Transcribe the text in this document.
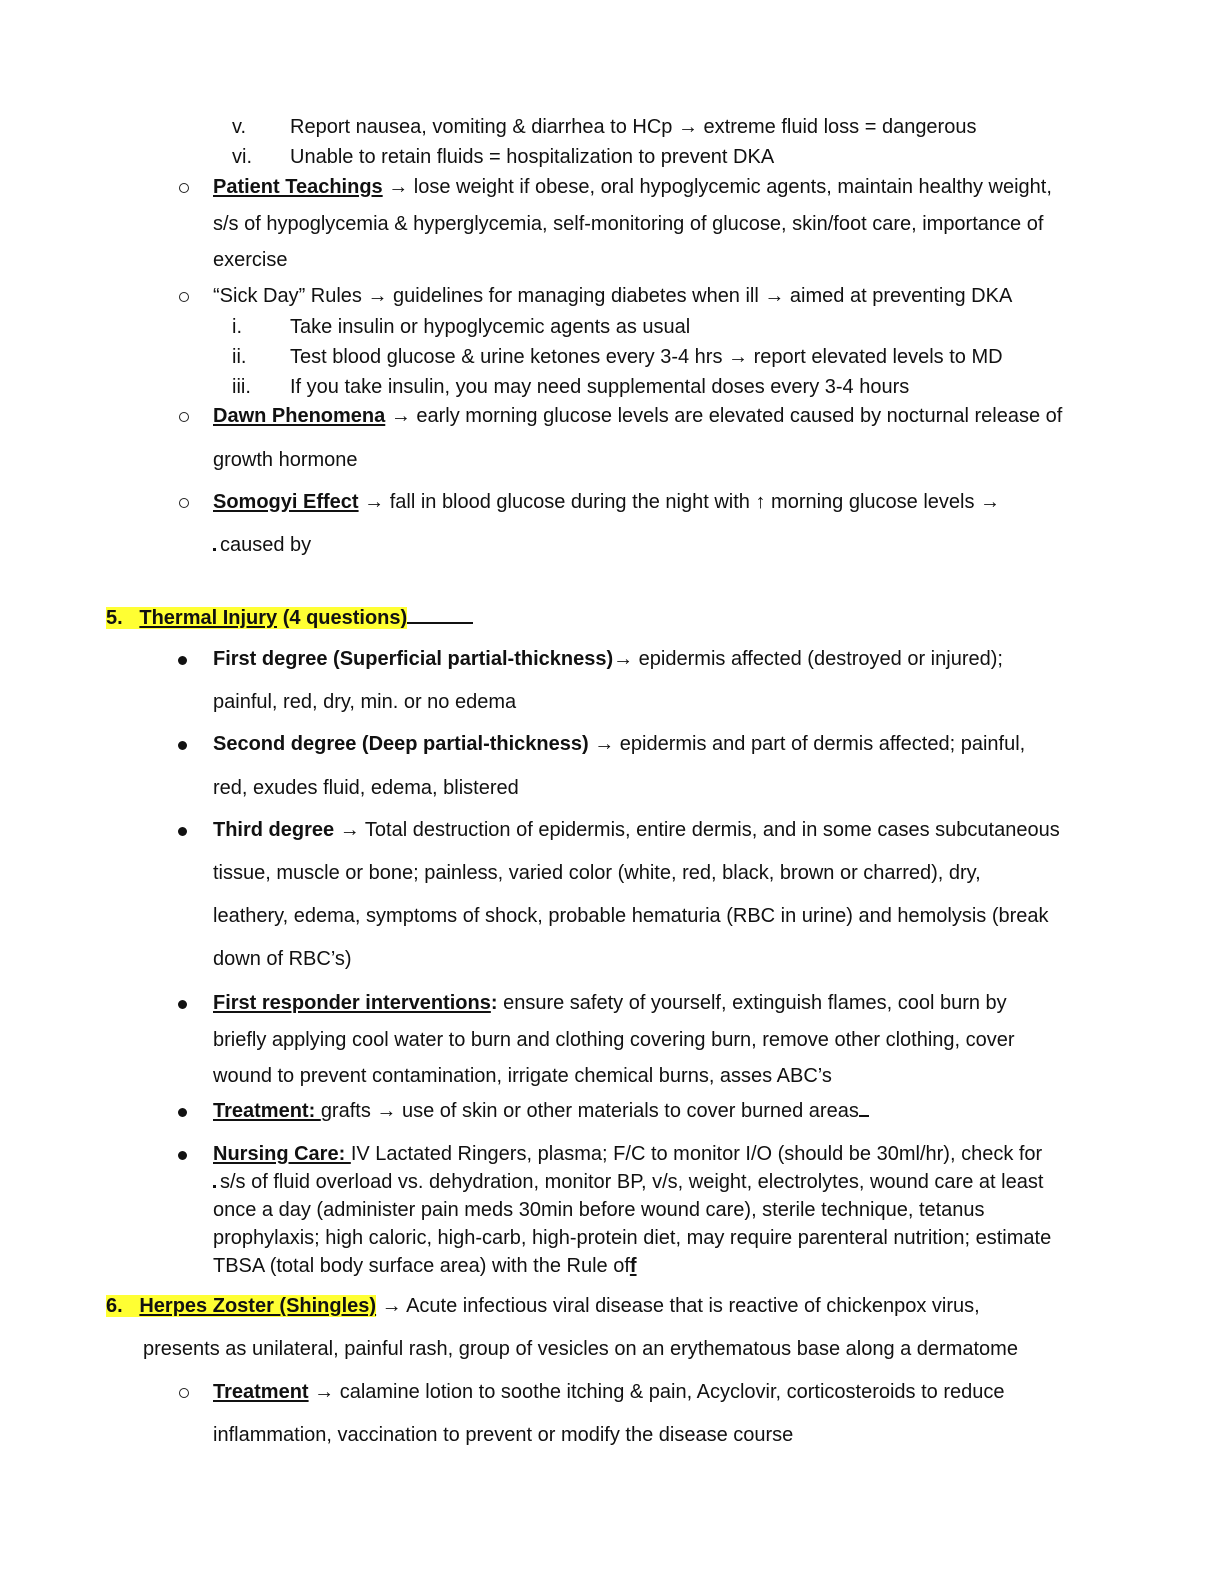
v. Report nausea, vomiting & diarrhea to HCp → extreme fluid loss = dangerous
vi. Unable to retain fluids = hospitalization to prevent DKA
Patient Teachings → lose weight if obese, oral hypoglycemic agents, maintain healthy weight,
s/s of hypoglycemia & hyperglycemia, self-monitoring of glucose, skin/foot care, importance of
exercise
“Sick Day” Rules → guidelines for managing diabetes when ill → aimed at preventing DKA
i. Take insulin or hypoglycemic agents as usual
ii. Test blood glucose & urine ketones every 3-4 hrs → report elevated levels to MD
iii. If you take insulin, you may need supplemental doses every 3-4 hours
Dawn Phenomena → early morning glucose levels are elevated caused by nocturnal release of
growth hormone
Somogyi Effect → fall in blood glucose during the night with ↑ morning glucose levels →
caused by
5. Thermal Injury (4 questions)
First degree (Superficial partial-thickness)→ epidermis affected (destroyed or injured);
painful, red, dry, min. or no edema
Second degree (Deep partial-thickness) → epidermis and part of dermis affected; painful,
red, exudes fluid, edema, blistered
Third degree → Total destruction of epidermis, entire dermis, and in some cases subcutaneous
tissue, muscle or bone; painless, varied color (white, red, black, brown or charred), dry,
leathery, edema, symptoms of shock, probable hematuria (RBC in urine) and hemolysis (break
down of RBC’s)
First responder interventions: ensure safety of yourself, extinguish flames, cool burn by
briefly applying cool water to burn and clothing covering burn, remove other clothing, cover
wound to prevent contamination, irrigate chemical burns, asses ABC’s
Treatment: grafts → use of skin or other materials to cover burned areas
Nursing Care: IV Lactated Ringers, plasma; F/C to monitor I/O (should be 30ml/hr), check for
s/s of fluid overload vs. dehydration, monitor BP, v/s, weight, electrolytes, wound care at least
once a day (administer pain meds 30min before wound care), sterile technique, tetanus
prophylaxis; high caloric, high-carb, high-protein diet, may require parenteral nutrition; estimate
TBSA (total body surface area) with the Rule off
6. Herpes Zoster (Shingles) → Acute infectious viral disease that is reactive of chickenpox virus,
presents as unilateral, painful rash, group of vesicles on an erythematous base along a dermatome
Treatment → calamine lotion to soothe itching & pain, Acyclovir, corticosteroids to reduce
inflammation, vaccination to prevent or modify the disease course
